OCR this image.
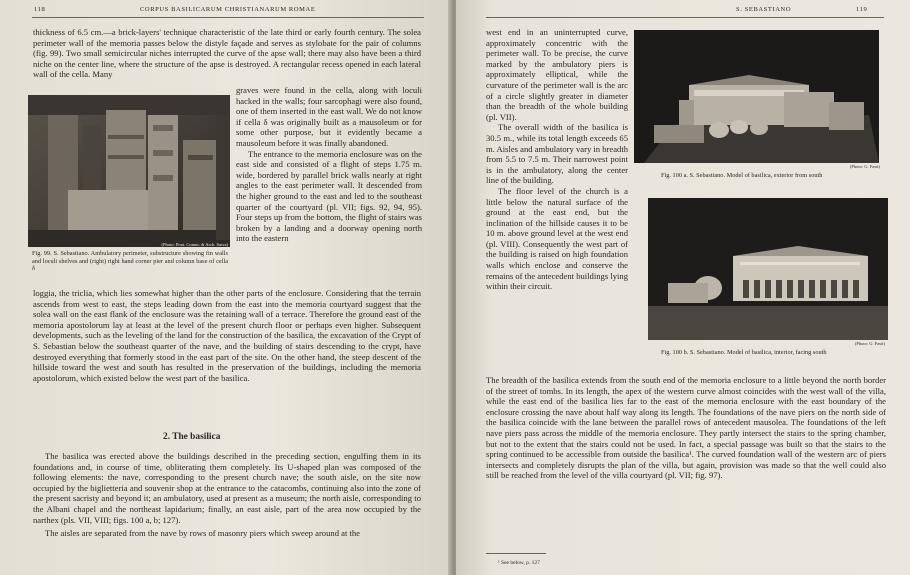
118	CORPUS BASILICARUM CHRISTIANARUM ROMAE

thickness of 6.5 cm.—a brick-layers' technique characteristic of the late third or early fourth century. The solea perimeter wall of the memoria passes below the distyle façade and serves as stylobate for the pair of columns (fig. 99). Two small semicircular niches interrupted the curve of the apse wall; there may also have been a third niche on the center line, where the structure of the apse is destroyed. A rectangular recess opened in each lateral wall of the cella. Many

(Photo: Pont. Comm. di Arch. Sacra)
Fig. 99. S. Sebastiano. Ambulatory perimeter, substructure showing fin walls and loculi shelves and (right) right hand corner pier and column base of cella δ

graves were found in the cella, along with loculi hacked in the walls; four sarcophagi were also found, one of them inserted in the east wall. We do not know if cella δ was originally built as a mausoleum or for some other purpose, but it evidently became a mausoleum before it was finally abandoned.

The entrance to the memoria enclosure was on the east side and consisted of a flight of steps 1.75 m. wide, bordered by parallel brick walls nearly at right angles to the east perimeter wall. It descended from the higher ground to the east and led to the southeast quarter of the courtyard (pl. VII; figs. 92, 94, 95). Four steps up from the bottom, the flight of stairs was broken by a landing and a doorway opening north into the eastern

loggia, the triclia, which lies somewhat higher than the other parts of the enclosure. Considering that the terrain ascends from west to east, the steps leading down from the east into the memoria courtyard suggest that the solea wall on the east flank of the enclosure was the retaining wall of a terrace. Therefore the ground east of the memoria apostolorum lay at least at the level of the present church floor or perhaps even higher. Subsequent developments, such as the leveling of the land for the construction of the basilica, the excavation of the Crypt of S. Sebastian below the southeast quarter of the nave, and the building of stairs descending to the crypt, have destroyed everything that formerly stood in the east part of the site. On the other hand, the steep descent of the hillside toward the west and south has resulted in the preservation of the buildings, including the memoria apostolorum, which existed below the west part of the basilica.

2. The basilica

The basilica was erected above the buildings described in the preceding section, engulfing them in its foundations and, in course of time, obliterating them completely. Its U-shaped plan was composed of the following elements: the nave, corresponding to the present church nave; the south aisle, on the site now occupied by the biglietteria and souvenir shop at the entrance to the catacombs, continuing also into the zone of the present sacristy and beyond it; an ambulatory, used at present as a museum; the north aisle, corresponding to the Albani chapel and the northeast lapidarium; finally, an east aisle, part of the area now occupied by the narthex (pls. VII, VIII; figs. 100 a, b; 127).

The aisles are separated from the nave by rows of masonry piers which sweep around at the

S. SEBASTIANO	119

west end in an uninterrupted curve, approximately concentric with the perimeter wall. To be precise, the curve marked by the ambulatory piers is approximately elliptical, while the curvature of the perimeter wall is the arc of a circle slightly greater in diameter than the breadth of the whole building (pl. VII).

The overall width of the basilica is 30.5 m., while its total length exceeds 65 m. Aisles and ambulatory vary in breadth from 5.5 to 7.5 m. Their narrowest point is in the ambulatory, along the center line of the building.

The floor level of the church is a little below the natural surface of the ground at the east end, but the inclination of the hillside causes it to be 10 m. above ground level at the west end (pl. VIII). Consequently the west part of the building is raised on high foundation walls which enclose and conserve the remains of the antecedent buildings lying within their circuit.

(Photo: G. Fasti)
Fig. 100 a. S. Sebastiano. Model of basilica, exterior from south
(Photo: G. Fasti)
Fig. 100 b. S. Sebastiano. Model of basilica, interior, facing south

The breadth of the basilica extends from the south end of the memoria enclosure to a little beyond the north border of the street of tombs. In its length, the apex of the western curve almost coincides with the west wall of the villa, while the east end of the basilica lies far to the east of the memoria enclosure with the east boundary of the enclosure crossing the nave about half way along its length. The foundations of the nave piers on the north side of the basilica coincide with the lane between the parallel rows of antecedent mausolea. The foundations of the left nave piers pass across the middle of the memoria enclosure. They partly intersect the stairs to the spring chamber, but not to the extent that the stairs could not be used. In fact, a special passage was built so that the stairs to the spring continued to be accessible from outside the basilica¹. The curved foundation wall of the western arc of piers intersects and completely disrupts the plan of the villa, but again, provision was made so that the well could also still be reached from the level of the villa courtyard (pl. VII; fig. 97).

¹ See below, p. 127
